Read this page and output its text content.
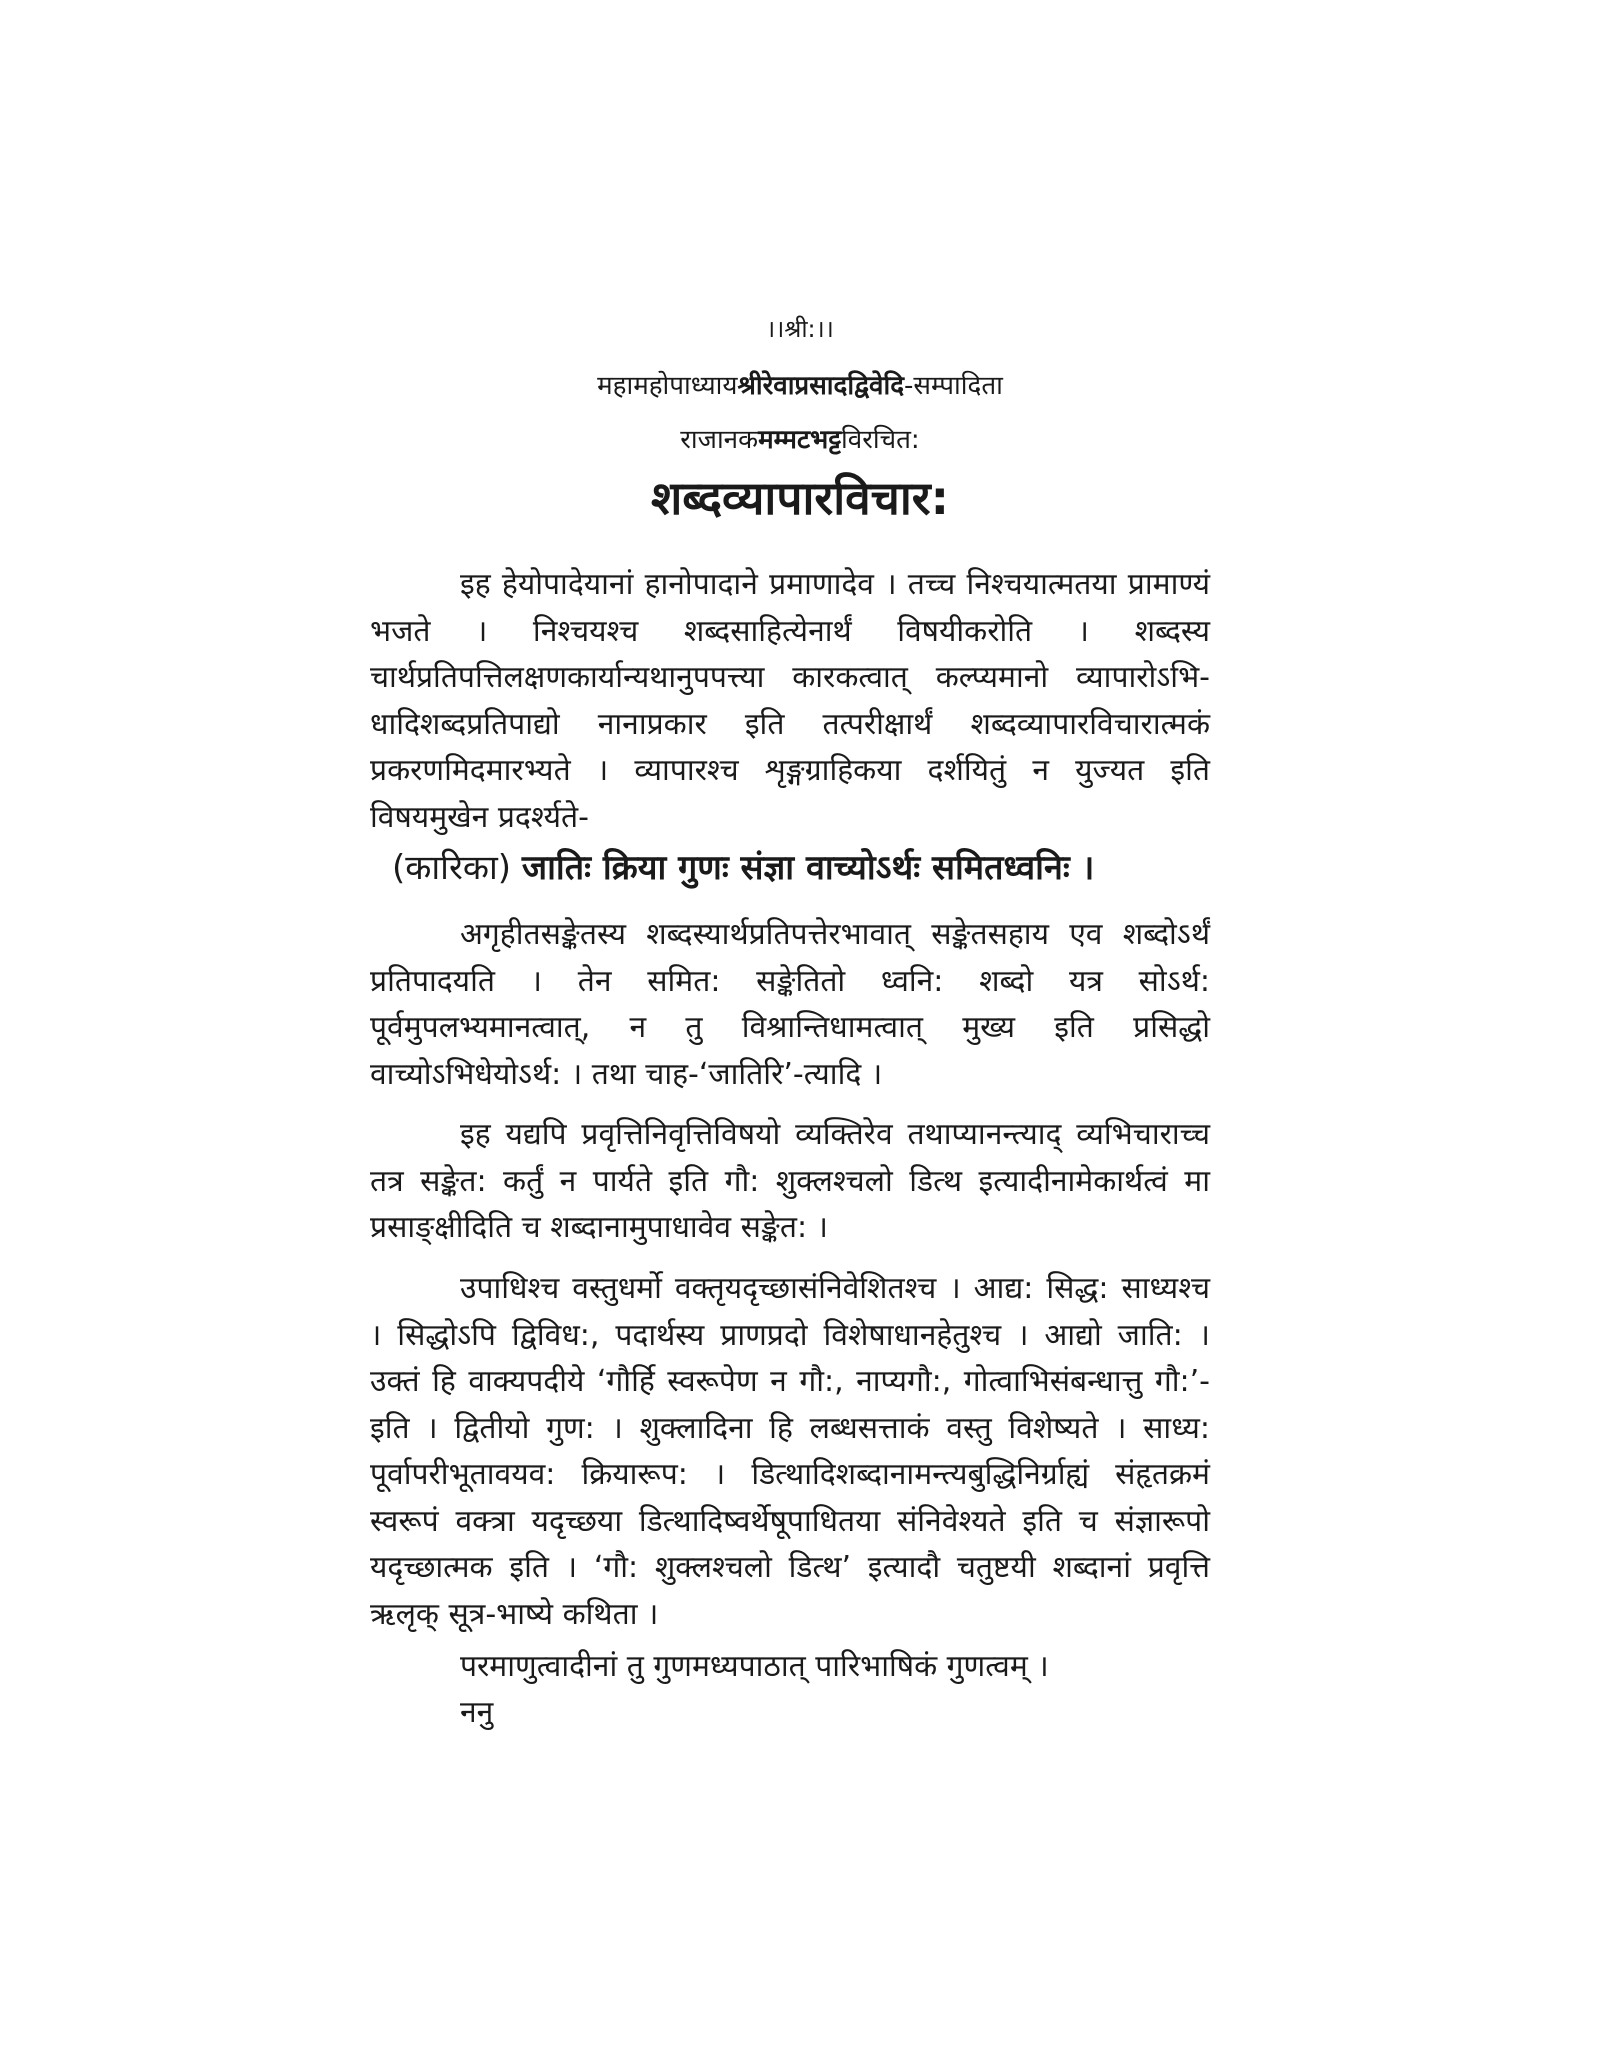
।।श्री:।।
महामहोपाध्यायश्रीरेवाप्रसादद्विवेदि-सम्पादिता
राजानकमम्मटभट्टविरचित:
शब्दव्यापारविचार:

इह हेयोपादेयानां हानोपादाने प्रमाणादेव । तच्च निश्चयात्मतया प्रामाण्यं भजते । निश्चयश्च शब्दसाहित्येनार्थं विषयीकरोति । शब्दस्य चार्थप्रतिपत्तिलक्षणकार्यान्यथानुपपत्त्या कारकत्वात् कल्प्यमानो व्यापारोऽभि-धादिशब्दप्रतिपाद्यो नानाप्रकार इति तत्परीक्षार्थं शब्दव्यापारविचारात्मकं प्रकरणमिदमारभ्यते । व्यापारश्च शृङ्गग्राहिकया दर्शयितुं न युज्यत इति विषयमुखेन प्रदर्श्यते-

(कारिका) जातिः क्रिया गुणः संज्ञा वाच्योऽर्थः समितध्वनिः ।

अगृहीतसङ्केतस्य शब्दस्यार्थप्रतिपत्तेरभावात् सङ्केतसहाय एव शब्दोऽर्थं प्रतिपादयति । तेन समित: सङ्केतितो ध्वनि: शब्दो यत्र सोऽर्थ: पूर्वमुपलभ्यमानत्वात्, न तु विश्रान्तिधामत्वात् मुख्य इति प्रसिद्धो वाच्योऽभिधेयोऽर्थ: । तथा चाह-‘जातिरि’-त्यादि ।

इह यद्यपि प्रवृत्तिनिवृत्तिविषयो व्यक्तिरेव तथाप्यानन्त्याद् व्यभिचाराच्च तत्र सङ्केत: कर्तुं न पार्यते इति गौ: शुक्लश्चलो डित्थ इत्यादीनामेकार्थत्वं मा प्रसाङ्क्षीदिति च शब्दानामुपाधावेव सङ्केत: ।

उपाधिश्च वस्तुधर्मो वक्तृयदृच्छासंनिवेशितश्च । आद्य: सिद्ध: साध्यश्च । सिद्धोऽपि द्विविध:, पदार्थस्य प्राणप्रदो विशेषाधानहेतुश्च । आद्यो जाति: । उक्तं हि वाक्यपदीये ‘गौर्हि स्वरूपेण न गौ:, नाप्यगौ:, गोत्वाभिसंबन्धात्तु गौ:’-इति । द्वितीयो गुण: । शुक्लादिना हि लब्धसत्ताकं वस्तु विशेष्यते । साध्य: पूर्वापरीभूतावयव: क्रियारूप: । डित्थादिशब्दानामन्त्यबुद्धिनिर्ग्राह्यं संहृतक्रमं स्वरूपं वक्त्रा यदृच्छया डित्थादिष्वर्थेषूपाधितया संनिवेश्यते इति च संज्ञारूपो यदृच्छात्मक इति । ‘गौ: शुक्लश्चलो डित्थ’ इत्यादौ चतुष्टयी शब्दानां प्रवृत्ति ऋलृक् सूत्र-भाष्ये कथिता ।

परमाणुत्वादीनां तु गुणमध्यपाठात् पारिभाषिकं गुणत्वम् ।

ननु
